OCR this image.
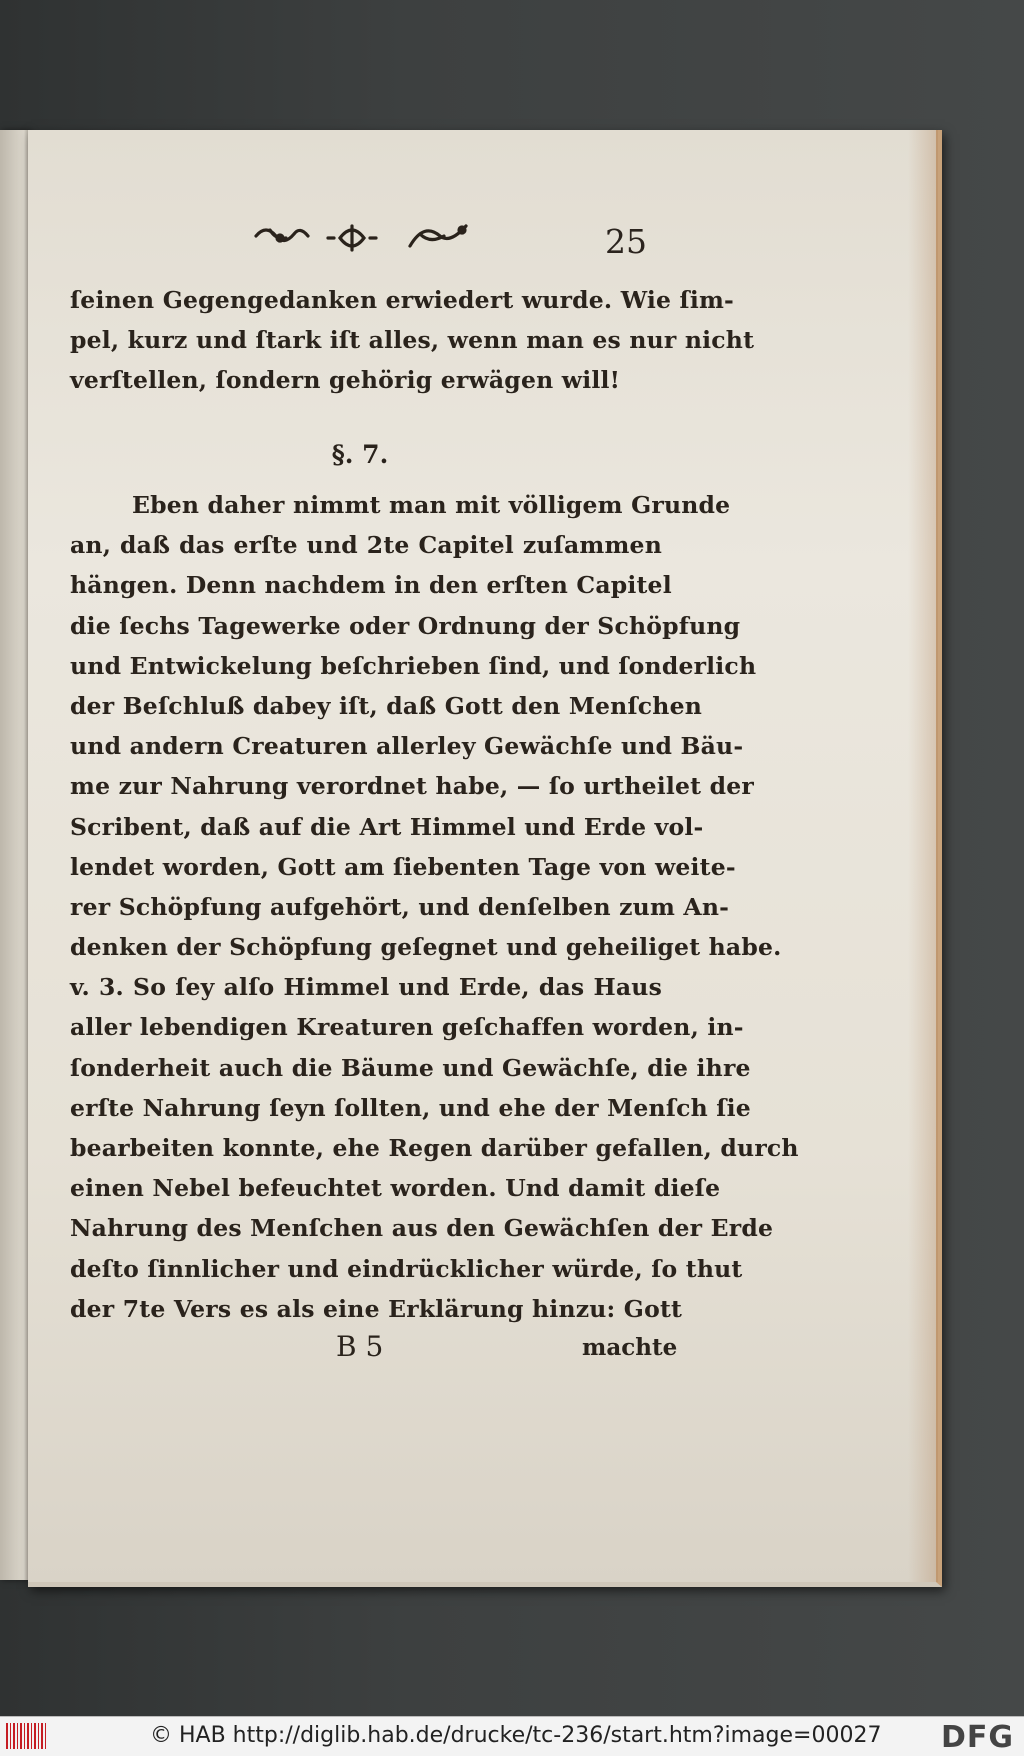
25
ſeinen Gegengedanken erwiedert wurde. Wie ſim-
pel, kurz und ſtark iſt alles, wenn man es nur nicht
verſtellen, ſondern gehörig erwägen will!
§. 7.
Eben daher nimmt man mit völligem Grunde
an, daß das erſte und 2te Capitel zuſammen
hängen. Denn nachdem in den erſten Capitel
die ſechs Tagewerke oder Ordnung der Schöpfung
und Entwickelung beſchrieben ſind, und ſonderlich
der Beſchluß dabey iſt, daß Gott den Menſchen
und andern Creaturen allerley Gewächſe und Bäu-
me zur Nahrung verordnet habe, — ſo urtheilet der
Scribent, daß auf die Art Himmel und Erde vol-
lendet worden, Gott am ſiebenten Tage von weite-
rer Schöpfung aufgehört, und denſelben zum An-
denken der Schöpfung geſegnet und geheiliget habe.
v. 3. So ſey alſo Himmel und Erde, das Haus
aller lebendigen Kreaturen geſchaffen worden, in-
ſonderheit auch die Bäume und Gewächſe, die ihre
erſte Nahrung ſeyn ſollten, und ehe der Menſch ſie
bearbeiten konnte, ehe Regen darüber gefallen, durch
einen Nebel befeuchtet worden. Und damit dieſe
Nahrung des Menſchen aus den Gewächſen der Erde
deſto ſinnlicher und eindrücklicher würde, ſo thut
der 7te Vers es als eine Erklärung hinzu: Gott
B 5	machte
© HAB http://diglib.hab.de/drucke/tc-236/start.htm?image=00027 DFG
